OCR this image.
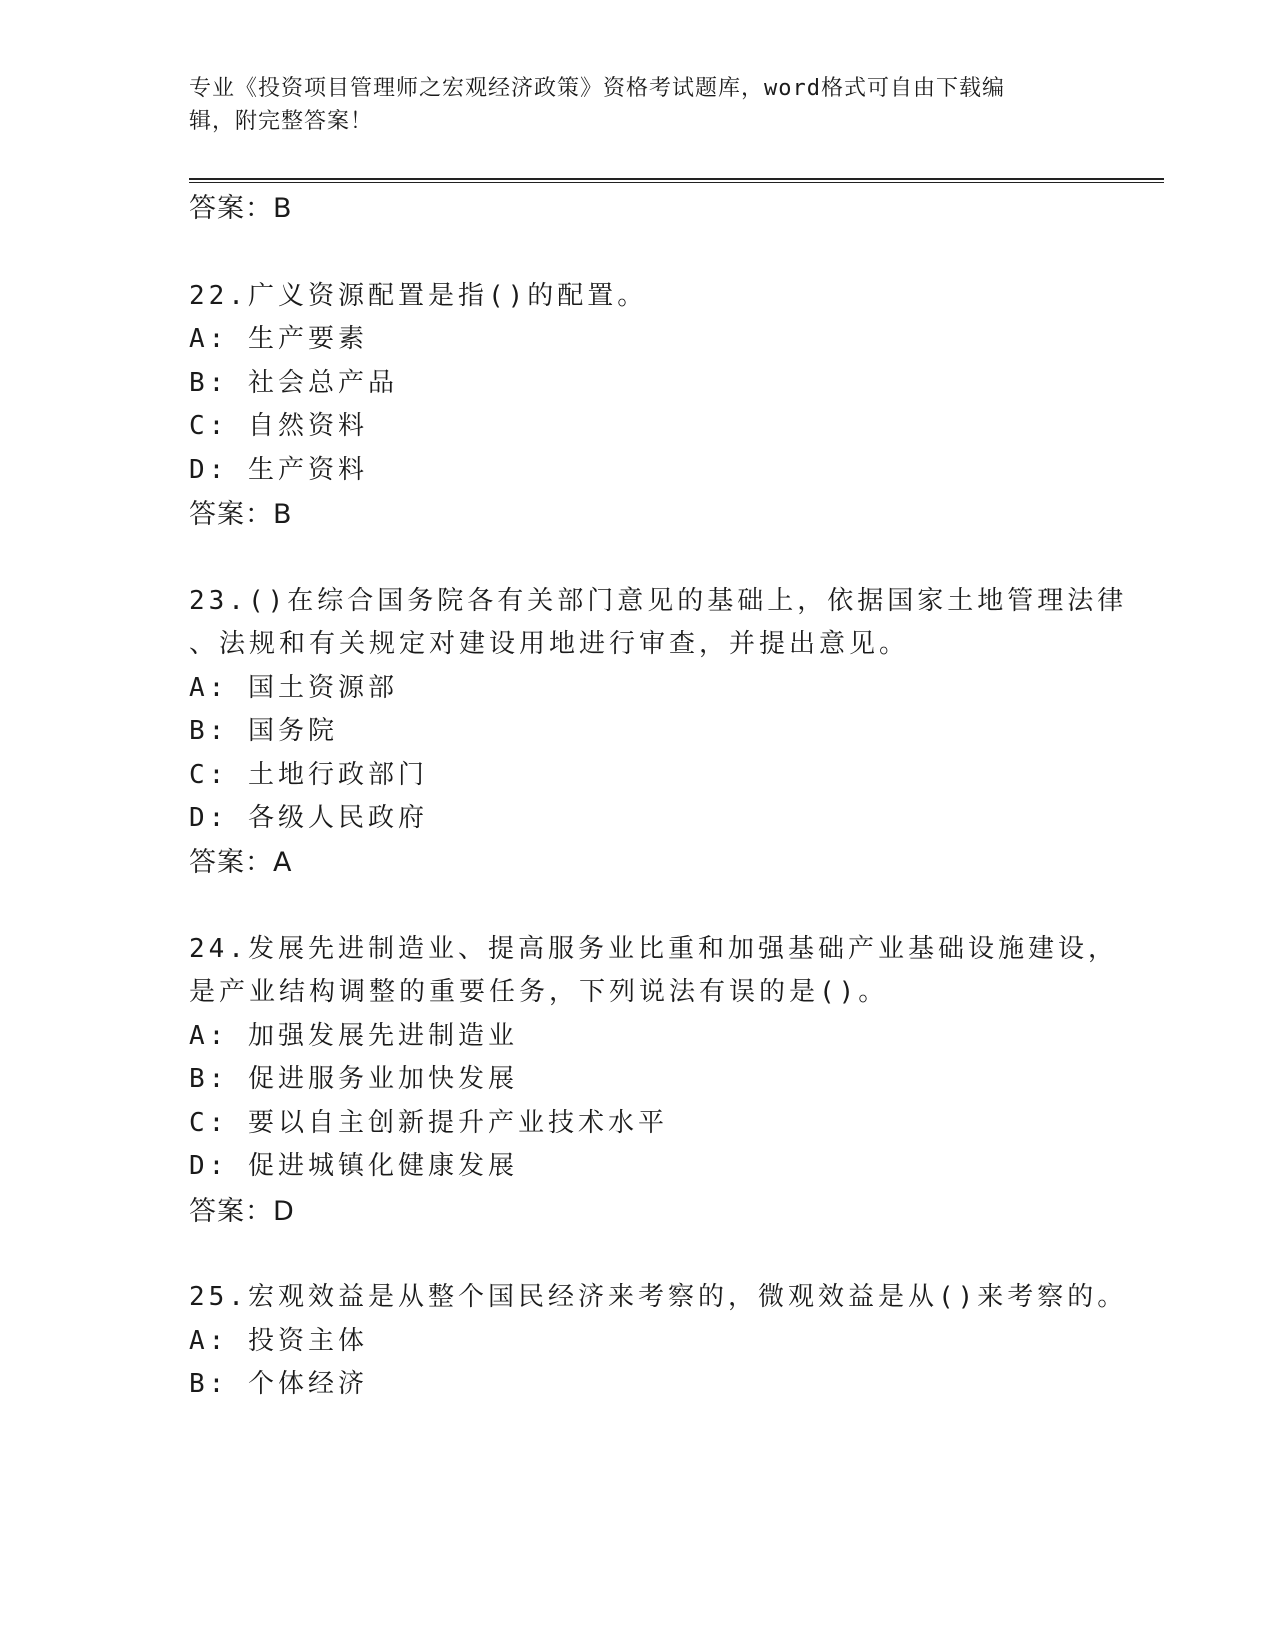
专业《投资项目管理师之宏观经济政策》资格考试题库，word格式可自由下载编
辑，附完整答案！
答案：B
22.广义资源配置是指()的配置。
A: 生产要素
B: 社会总产品
C: 自然资料
D: 生产资料
答案：B
23.()在综合国务院各有关部门意见的基础上，依据国家土地管理法律
、法规和有关规定对建设用地进行审查，并提出意见。
A: 国土资源部
B: 国务院
C: 土地行政部门
D: 各级人民政府
答案：A
24.发展先进制造业、提高服务业比重和加强基础产业基础设施建设，
是产业结构调整的重要任务，下列说法有误的是()。
A: 加强发展先进制造业
B: 促进服务业加快发展
C: 要以自主创新提升产业技术水平
D: 促进城镇化健康发展
答案：D
25.宏观效益是从整个国民经济来考察的，微观效益是从()来考察的。
A: 投资主体
B: 个体经济
